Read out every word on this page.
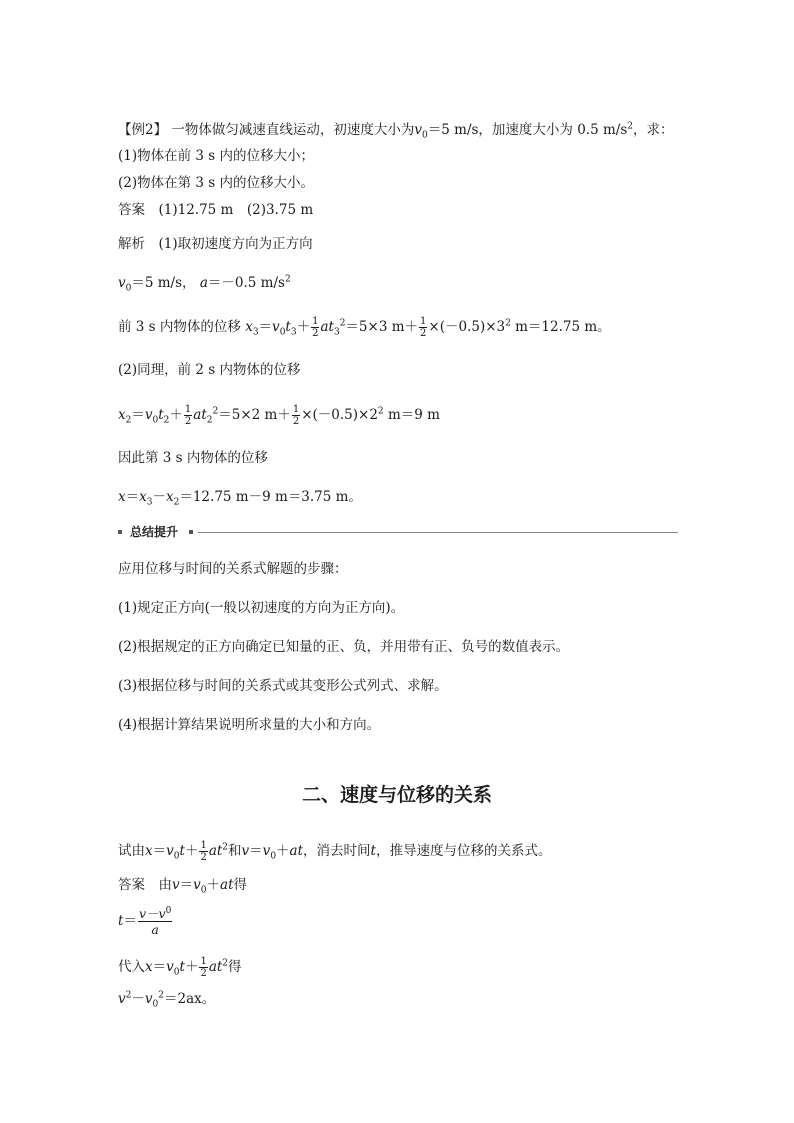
【例2】 一物体做匀减速直线运动，初速度大小为$v_0=5$ m/s，加速度大小为 0.5 $m/s^2$，求：
(1)物体在前 3 s 内的位移大小；
(2)物体在第 3 s 内的位移大小。
答案　 (1)12.75 m　(2)3.75 m
解析　 (1)取初速度方向为正方向
$v_0=5$ m/s， a＝－0.5 $m/s^2$
前 3 s 内物体的位移 $x_3=v_0t_3+ \frac{1}{2} at_3^2=5\times 3$ $m+ \frac{1}{2} \times(-0.5)\times 3^2$ m＝12.75 m。
(2)同理，前 2 s 内物体的位移
$x_2=v_0t_2+ \frac{1}{2} at_2^2=5\times 2$ $m+ \frac{1}{2} \times(-0.5)\times 2^2$ m＝9 m
因此第 3 s 内物体的位移
$x=x_3-x_2=12.75$ m－9 m＝3.75 m。
总结提升
应用位移与时间的关系式解题的步骤：
(1)规定正方向(一般以初速度的方向为正方向)。
(2)根据规定的正方向确定已知量的正、负，并用带有正、负号的数值表示。
(3)根据位移与时间的关系式或其变形公式列式、求解。
(4)根据计算结果说明所求量的大小和方向。
二、速度与位移的关系
试由$x=v_0t+ \frac{1}{2} at^2$和$v=v_0+at$，消去时间t，推导速度与位移的关系式。
答案　 由$v=v_0+at$得
$t= \frac{v-v^0}{a}$
代入$x=v_0t+ \frac{1}{2} at^2$得
$v^2-v_0^2=2ax$。
